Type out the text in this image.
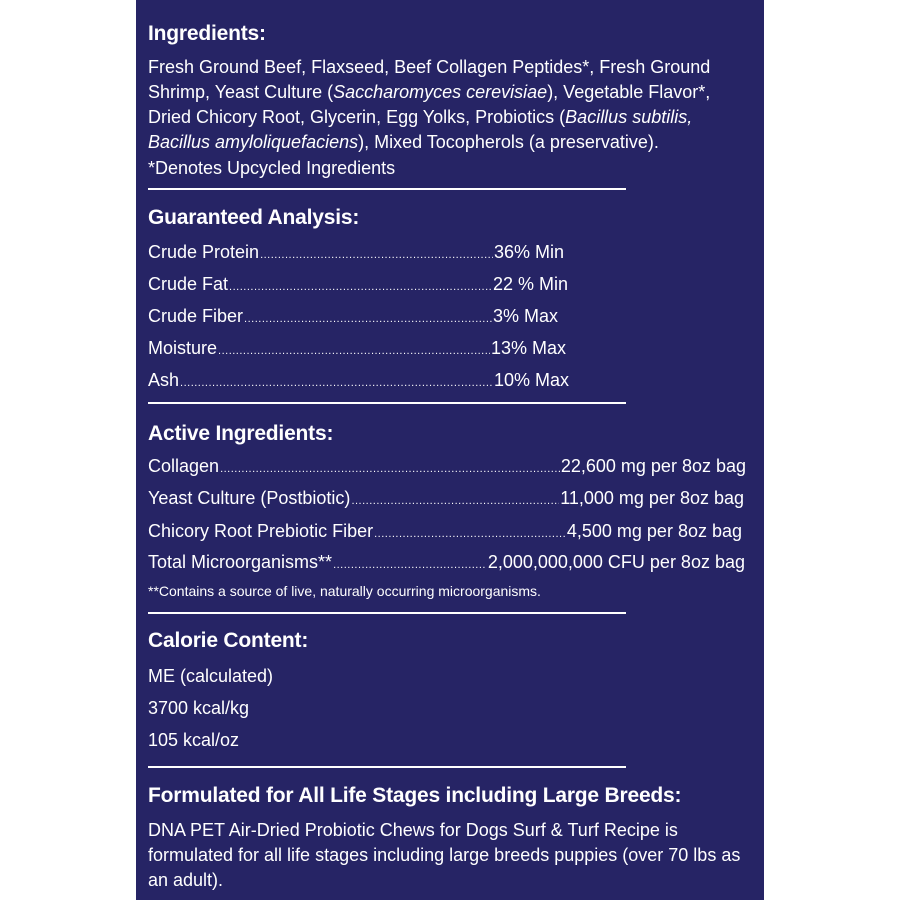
Ingredients:
Fresh Ground Beef, Flaxseed, Beef Collagen Peptides*, Fresh Ground Shrimp, Yeast Culture (Saccharomyces cerevisiae), Vegetable Flavor*, Dried Chicory Root, Glycerin, Egg Yolks, Probiotics (Bacillus subtilis, Bacillus amyloliquefaciens), Mixed Tocopherols (a preservative).
*Denotes Upcycled Ingredients
Guaranteed Analysis:
Crude Protein .....	36% Min
Crude Fat .....	22 % Min
Crude Fiber .....	3% Max
Moisture .....	13% Max
Ash .....	10% Max
Active Ingredients:
Collagen .....	22,600 mg per 8oz bag
Yeast Culture (Postbiotic) .....	11,000 mg per 8oz bag
Chicory Root Prebiotic Fiber .....	4,500 mg per 8oz bag
Total Microorganisms** .....	2,000,000,000 CFU per 8oz bag
**Contains a source of live, naturally occurring microorganisms.
Calorie Content:
ME (calculated)
3700 kcal/kg
105 kcal/oz
Formulated for All Life Stages including Large Breeds:
DNA PET Air-Dried Probiotic Chews for Dogs Surf & Turf Recipe is formulated for all life stages including large breeds puppies (over 70 lbs as an adult).
